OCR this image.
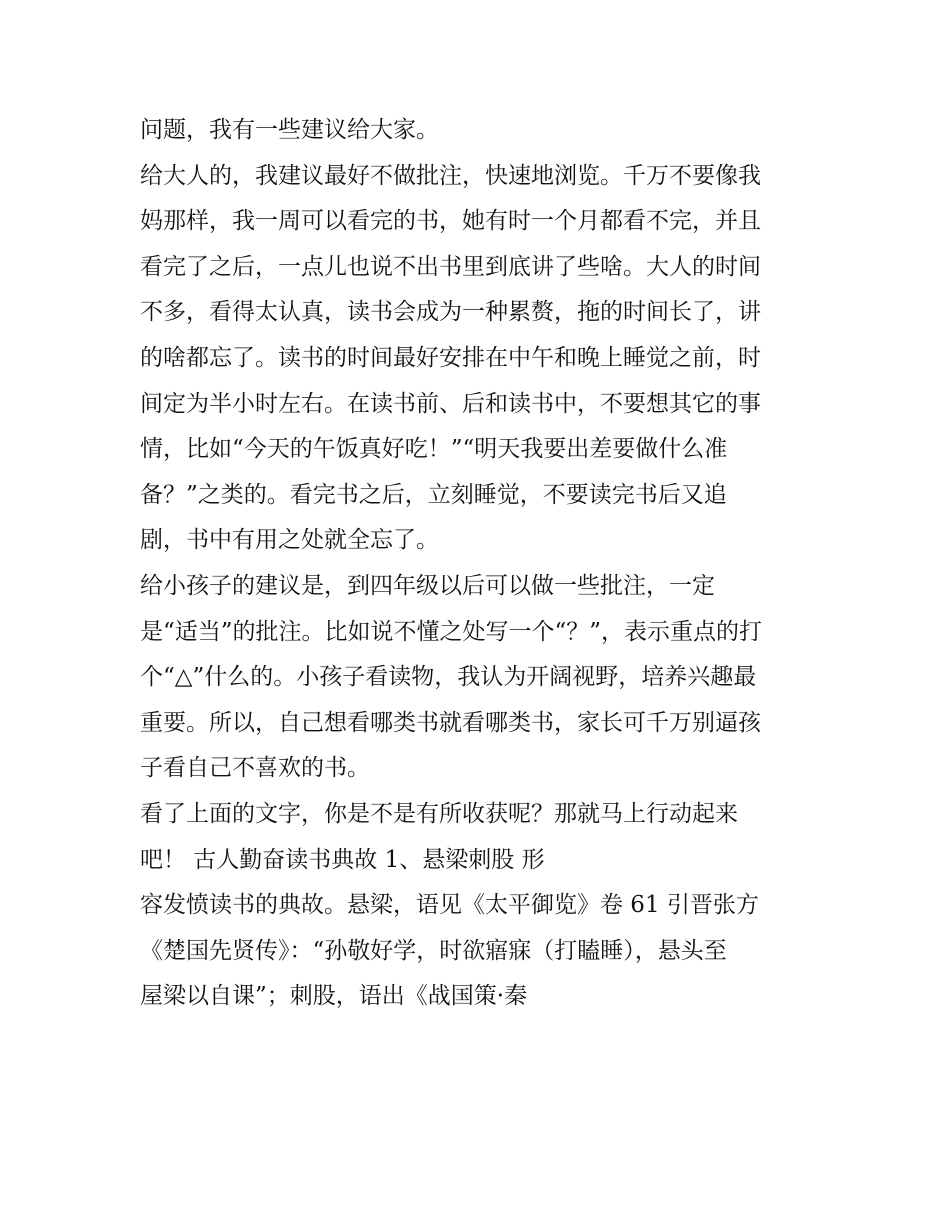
问题，我有一些建议给大家。
给大人的，我建议最好不做批注，快速地浏览。千万不要像我
妈那样，我一周可以看完的书，她有时一个月都看不完，并且
看完了之后，一点儿也说不出书里到底讲了些啥。大人的时间
不多，看得太认真，读书会成为一种累赘，拖的时间长了，讲
的啥都忘了。读书的时间最好安排在中午和晚上睡觉之前，时
间定为半小时左右。在读书前、后和读书中，不要想其它的事
情，比如“今天的午饭真好吃！”“明天我要出差要做什么准
备？”之类的。看完书之后，立刻睡觉，不要读完书后又追
剧，书中有用之处就全忘了。
给小孩子的建议是，到四年级以后可以做一些批注，一定
是“适当”的批注。比如说不懂之处写一个“？”，表示重点的打
个“△”什么的。小孩子看读物，我认为开阔视野，培养兴趣最
重要。所以，自己想看哪类书就看哪类书，家长可千万别逼孩
子看自己不喜欢的书。
看了上面的文字，你是不是有所收获呢？那就马上行动起来
吧！ 古人勤奋读书典故 1、悬梁刺股 形
容发愤读书的典故。悬梁，语见《太平御览》卷 61 引晋张方
《楚国先贤传》：“孙敬好学，时欲寤寐（打瞌睡），悬头至
屋梁以自课”；刺股，语出《战国策·秦
